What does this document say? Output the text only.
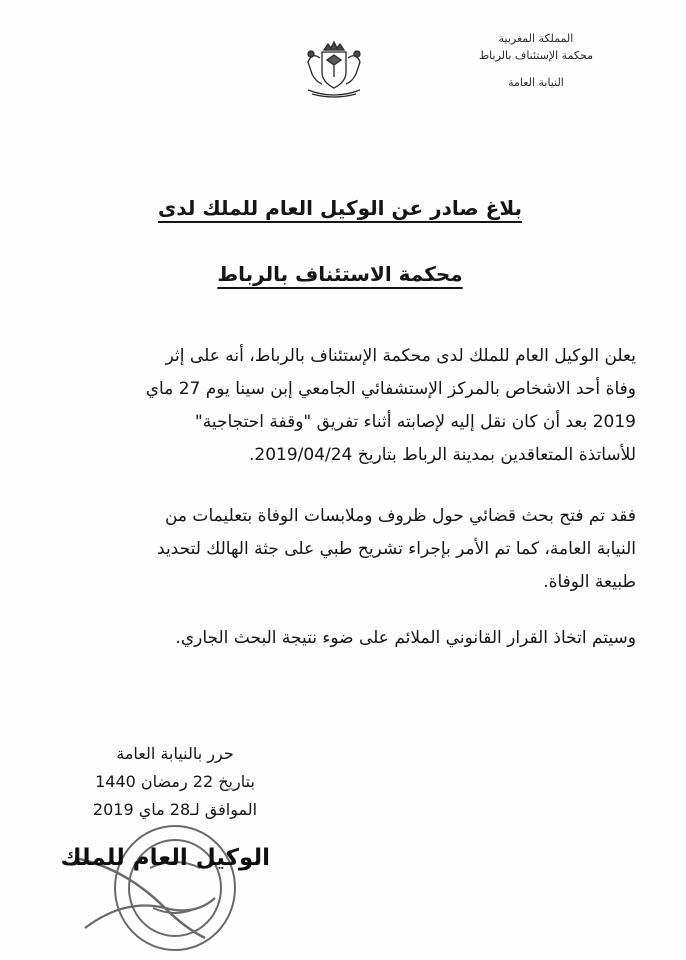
المملكة المغربية
محكمة الإستئناف بالرباط
النيابة العامة
بلاغ صادر عن الوكيل العام للملك لدى
محكمة الاستئناف بالرباط
يعلن الوكيل العام للملك لدى محكمة الإستئناف بالرباط، أنه على إثر
وفاة أحد الاشخاص بالمركز الإستشفائي الجامعي إبن سينا يوم 27 ماي
2019 بعد أن كان نقل إليه لإصابته أثناء تفريق "وقفة احتجاجية"
للأساتذة المتعاقدين بمدينة الرباط بتاريخ 2019/04/24.
فقد تم فتح بحث قضائي حول ظروف وملابسات الوفاة بتعليمات من
النيابة العامة، كما تم الأمر بإجراء تشريح طبي على جثة الهالك لتحديد
طبيعة الوفاة.
وسيتم اتخاذ القرار القانوني الملائم على ضوء نتيجة البحث الجاري.
حرر بالنيابة العامة
بتاريخ 22 رمضان 1440
الموافق لـ28 ماي 2019
الوكيل العام للملك
